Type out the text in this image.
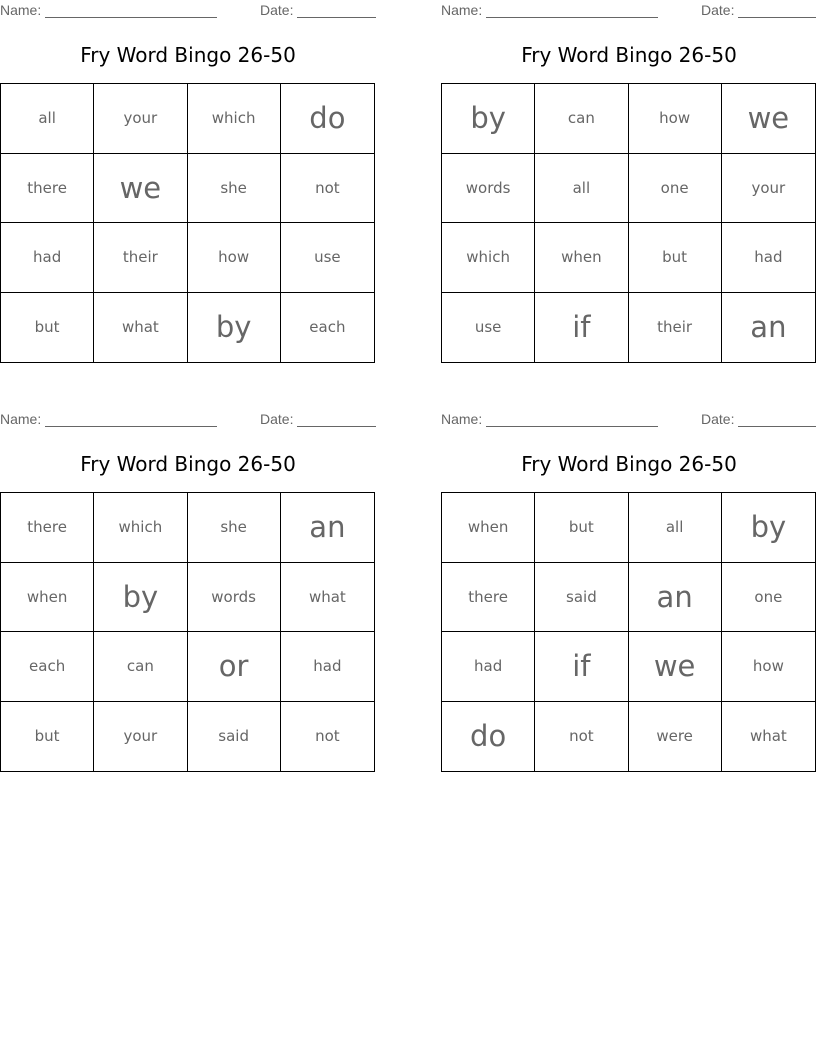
Name:	Date:
Fry Word Bingo 26-50
all	your	which	do
there	we	she	not
had	their	how	use
but	what	by	each
Name:	Date:
Fry Word Bingo 26-50
by	can	how	we
words	all	one	your
which	when	but	had
use	if	their	an
Name:	Date:
Fry Word Bingo 26-50
there	which	she	an
when	by	words	what
each	can	or	had
but	your	said	not
Name:	Date:
Fry Word Bingo 26-50
when	but	all	by
there	said	an	one
had	if	we	how
do	not	were	what
